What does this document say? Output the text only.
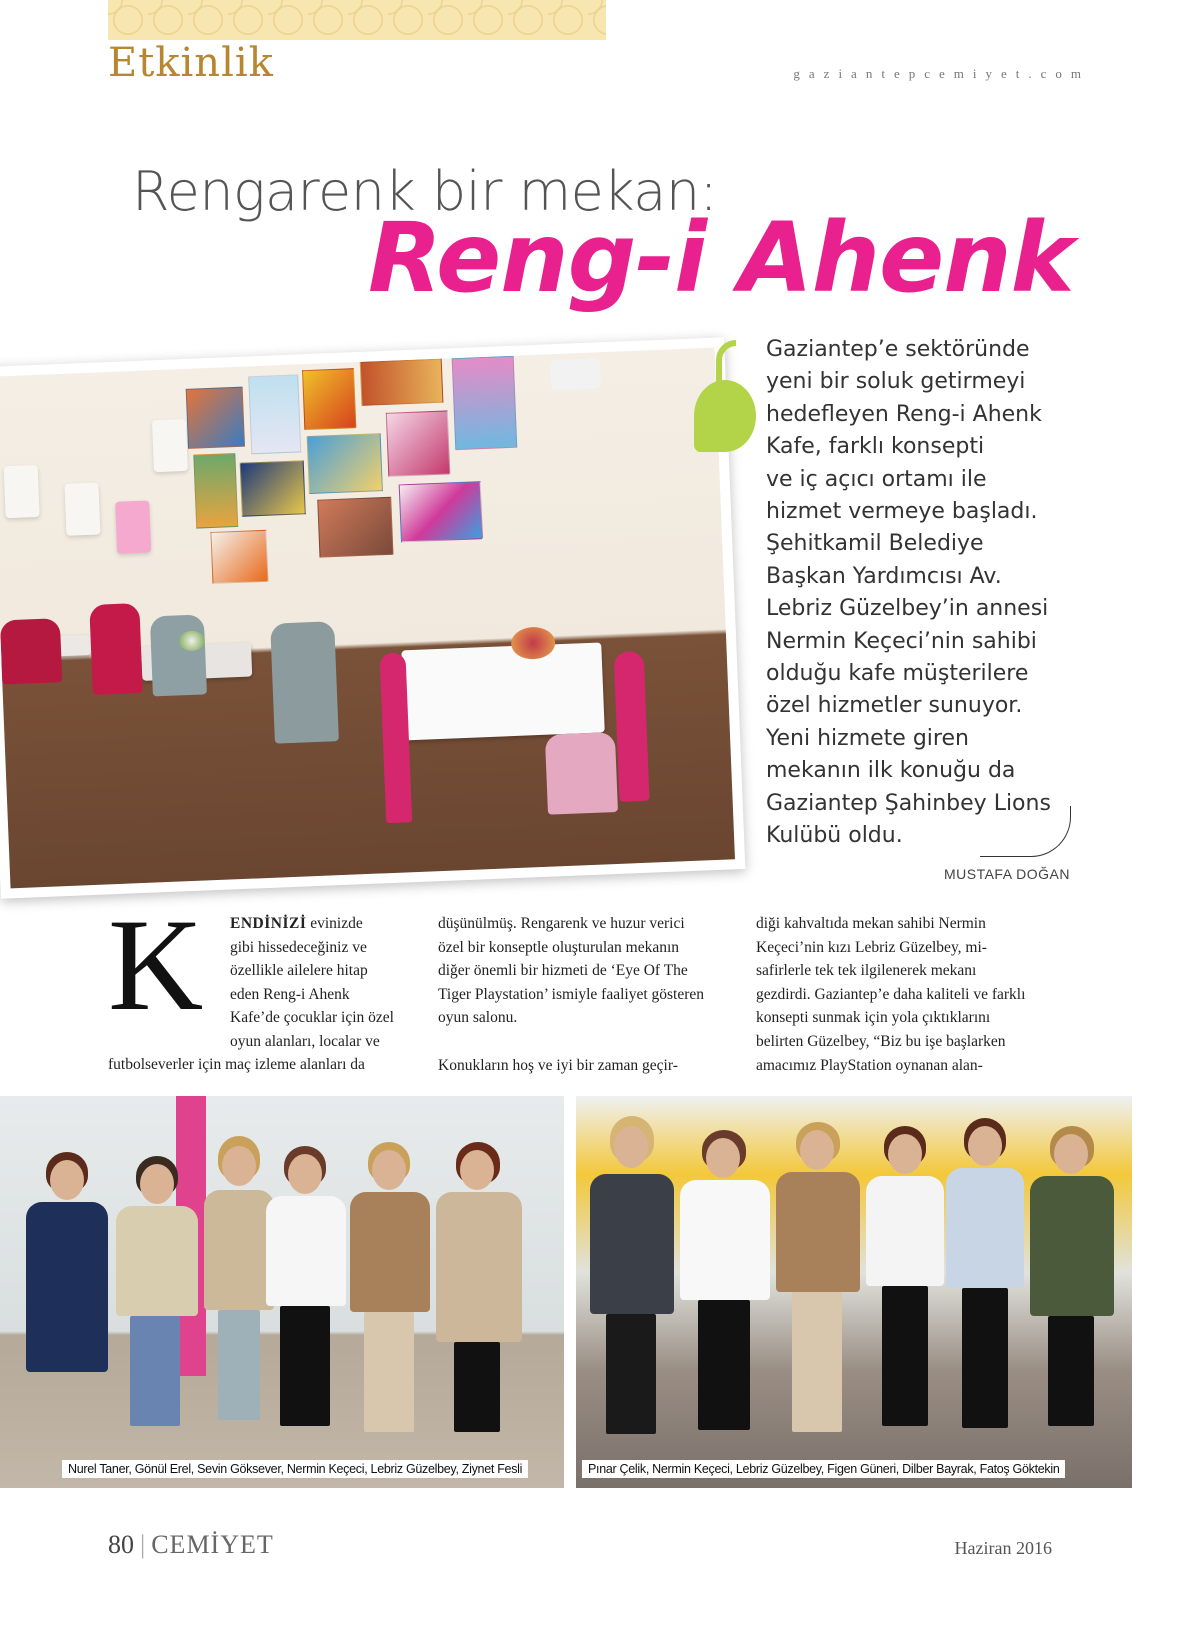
Etkinlik	gaziantepcemiyet.com
Rengarenk bir mekan:
Reng-i Ahenk
Gaziantep’e sektöründe
yeni bir soluk getirmeyi
hedefleyen Reng-i Ahenk
Kafe, farklı konsepti
ve iç açıcı ortamı ile
hizmet vermeye başladı.
Şehitkamil Belediye
Başkan Yardımcısı Av.
Lebriz Güzelbey’in annesi
Nermin Keçeci’nin sahibi
olduğu kafe müşterilere
özel hizmetler sunuyor.
Yeni hizmete giren
mekanın ilk konuğu da
Gaziantep Şahinbey Lions
Kulübü oldu.
MUSTAFA DOĞAN
K ENDİNİZİ evinizde
gibi hissedeceğiniz ve
özellikle ailelere hitap
eden Reng-i Ahenk
Kafe’de çocuklar için özel
oyun alanları, localar ve
futbolseverler için maç izleme alanları da
düşünülmüş. Rengarenk ve huzur verici
özel bir konseptle oluşturulan mekanın
diğer önemli bir hizmeti de ‘Eye Of The
Tiger Playstation’ ismiyle faaliyet gösteren
oyun salonu.

Konukların hoş ve iyi bir zaman geçir-
diği kahvaltıda mekan sahibi Nermin
Keçeci’nin kızı Lebriz Güzelbey, mi-
safirlerle tek tek ilgilenerek mekanı
gezdirdi. Gaziantep’e daha kaliteli ve farklı
konsepti sunmak için yola çıktıklarını
belirten Güzelbey, “Biz bu işe başlarken
amacımız PlayStation oynanan alan-
Nurel Taner, Gönül Erel, Sevin Göksever, Nermin Keçeci, Lebriz Güzelbey, Ziynet Fesli	Pınar Çelik, Nermin Keçeci, Lebriz Güzelbey, Figen Güneri, Dilber Bayrak, Fatoş Göktekin
80 | CEMİYET	Haziran 2016
